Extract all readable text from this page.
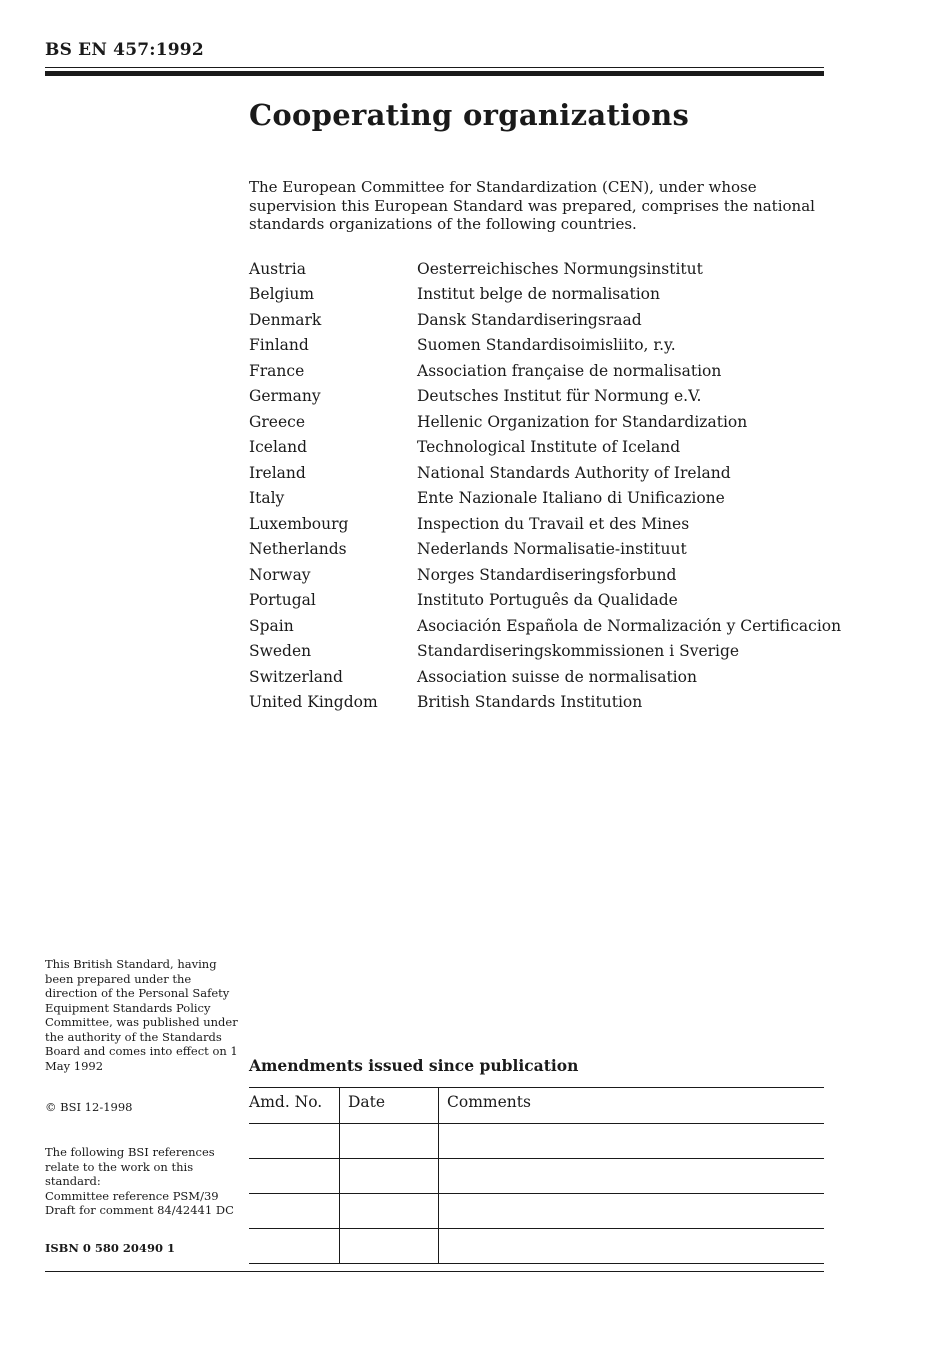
BS EN 457:1992
Cooperating organizations

The European Committee for Standardization (CEN), under whose supervision this European Standard was prepared, comprises the national standards organizations of the following countries.

Austria	Oesterreichisches Normungsinstitut
Belgium	Institut belge de normalisation
Denmark	Dansk Standardiseringsraad
Finland	Suomen Standardisoimisliito, r.y.
France	Association française de normalisation
Germany	Deutsches Institut für Normung e.V.
Greece	Hellenic Organization for Standardization
Iceland	Technological Institute of Iceland
Ireland	National Standards Authority of Ireland
Italy	Ente Nazionale Italiano di Unificazione
Luxembourg	Inspection du Travail et des Mines
Netherlands	Nederlands Normalisatie-instituut
Norway	Norges Standardiseringsforbund
Portugal	Instituto Português da Qualidade
Spain	Asociación Española de Normalización y Certificacion
Sweden	Standardiseringskommissionen i Sverige
Switzerland	Association suisse de normalisation
United Kingdom	British Standards Institution

This British Standard, having been prepared under the direction of the Personal Safety Equipment Standards Policy Committee, was published under the authority of the Standards Board and comes into effect on 1 May 1992

© BSI 12-1998

The following BSI references relate to the work on this standard:
Committee reference PSM/39
Draft for comment 84/42441 DC

ISBN 0 580 20490 1

Amendments issued since publication
Amd. No.	Date	Comments
